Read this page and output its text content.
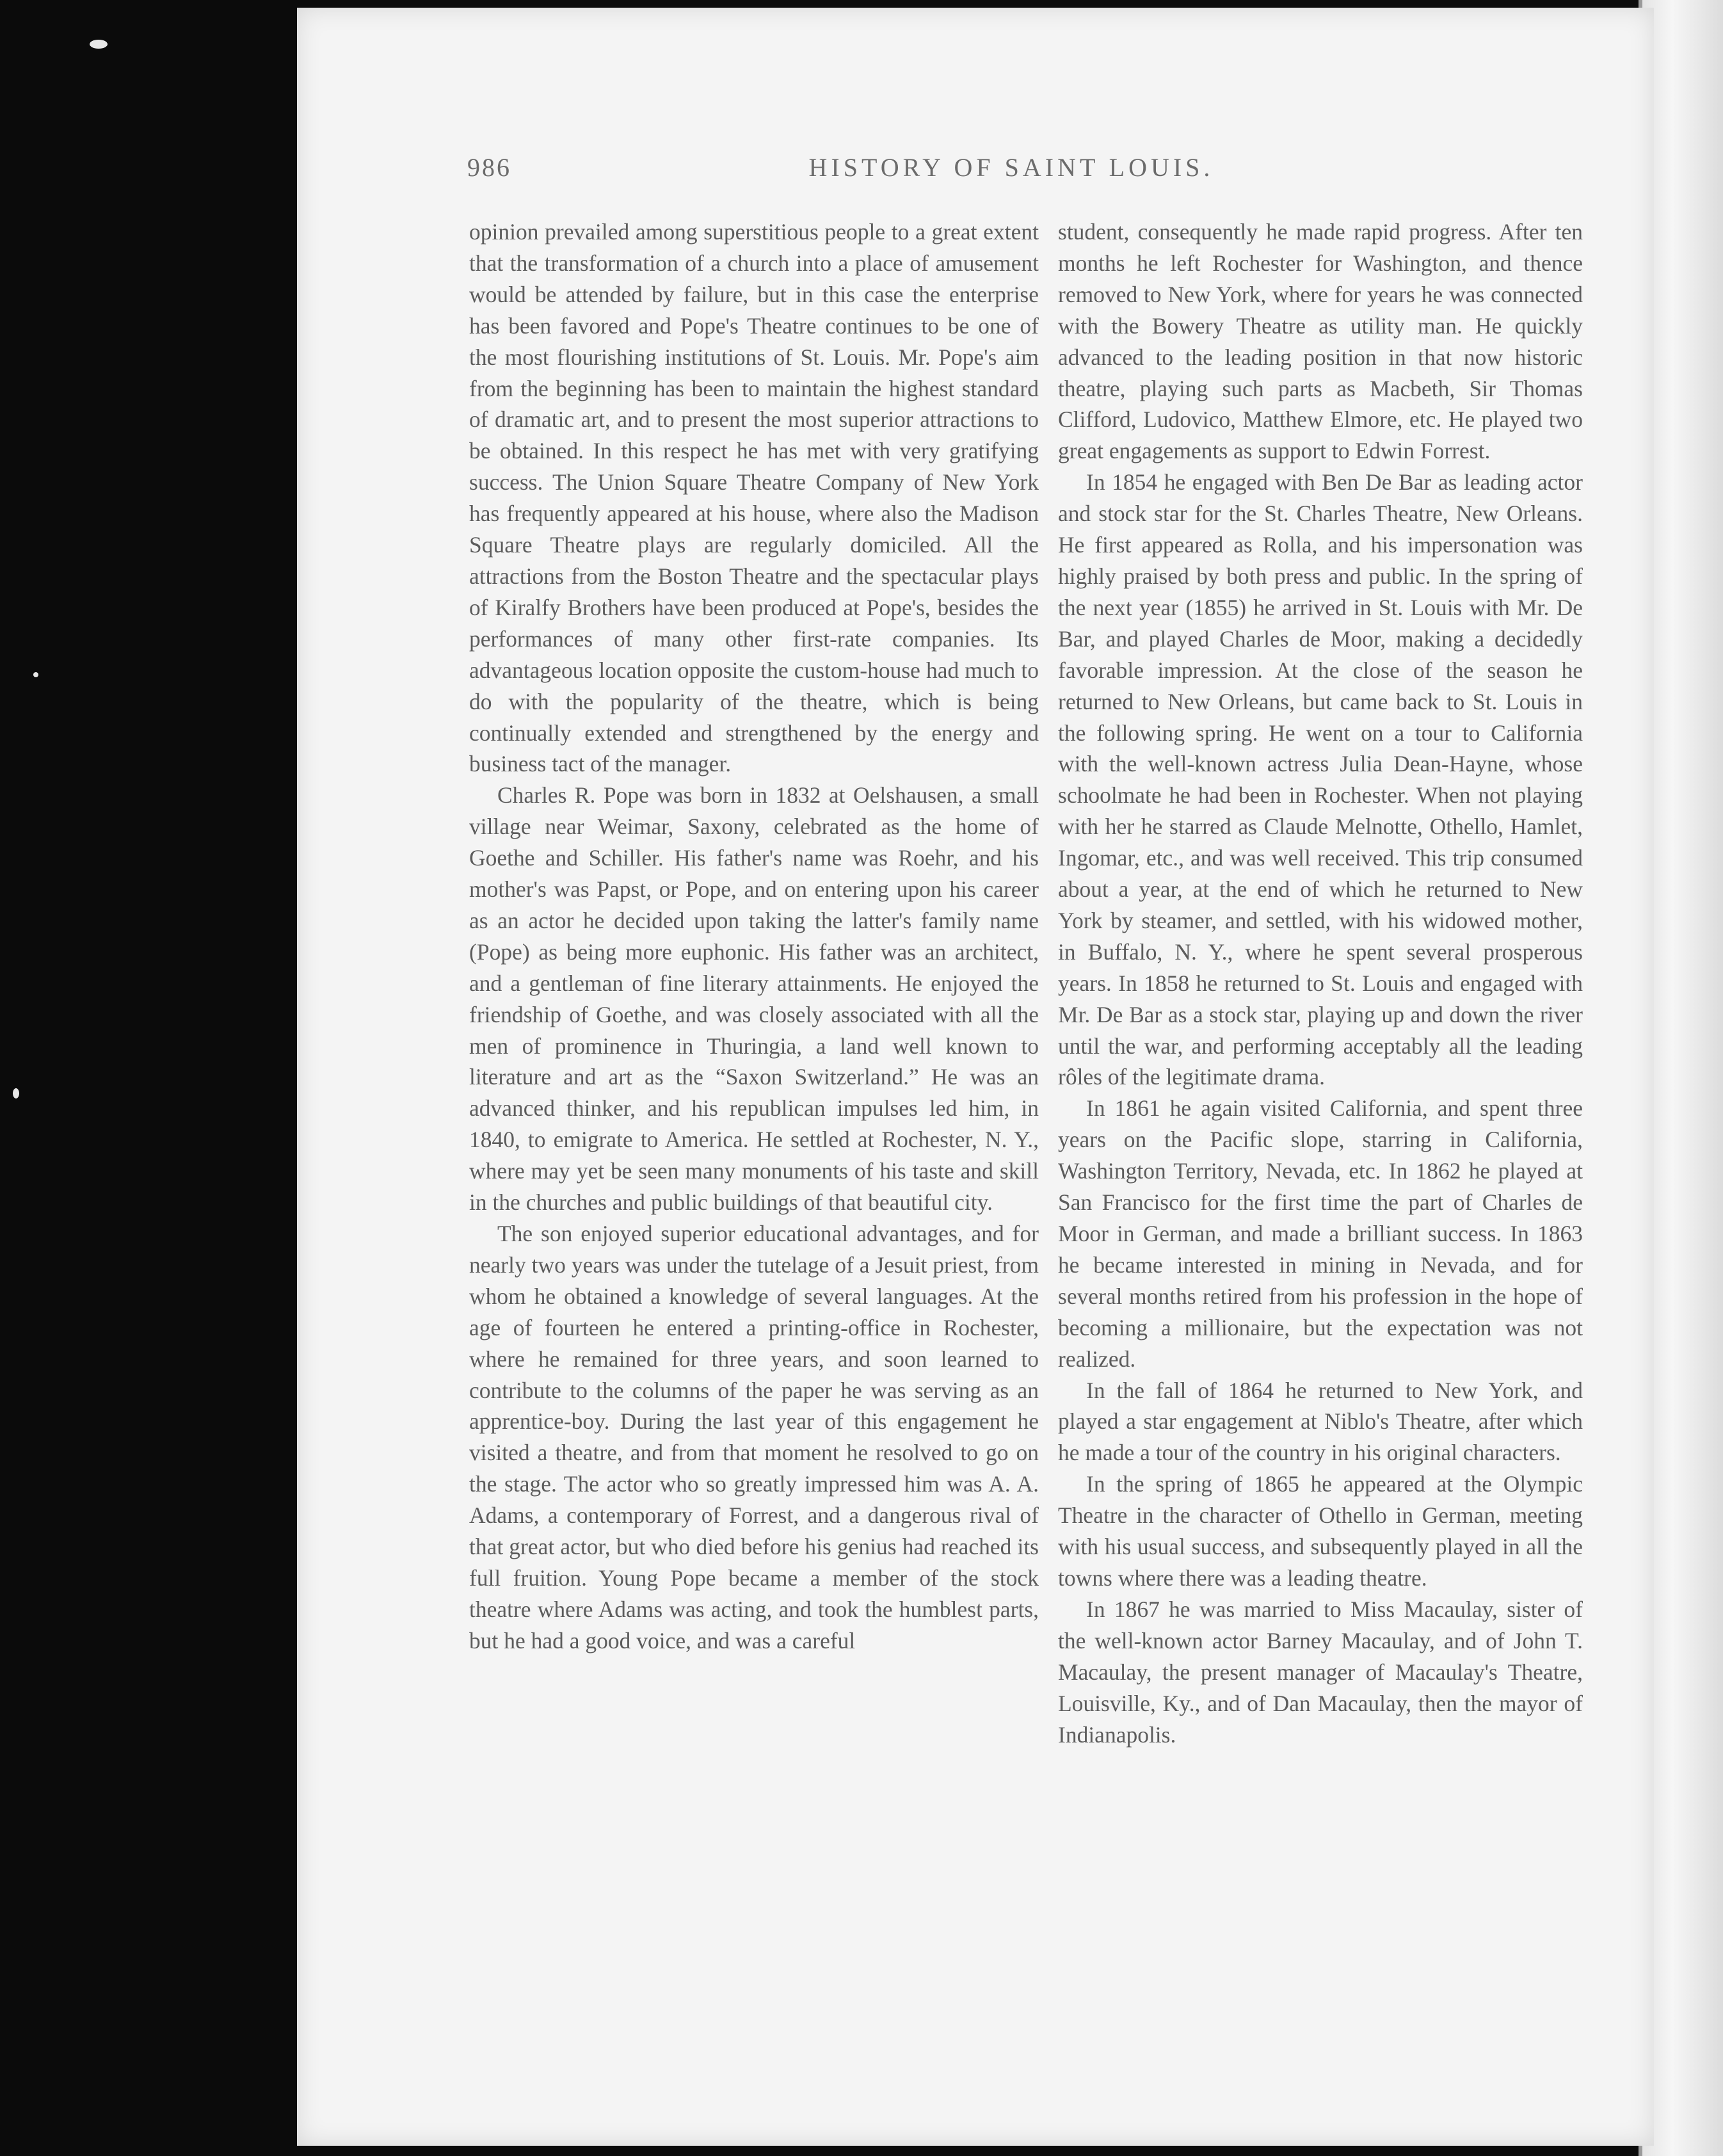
986	HISTORY OF SAINT LOUIS.

opinion prevailed among superstitious people to a great extent that the transformation of a church into a place of amusement would be attended by failure, but in this case the enterprise has been favored and Pope's Theatre continues to be one of the most flourishing institutions of St. Louis. Mr. Pope's aim from the beginning has been to maintain the highest standard of dramatic art, and to present the most superior attractions to be obtained. In this respect he has met with very gratifying success. The Union Square Theatre Company of New York has frequently appeared at his house, where also the Madison Square Theatre plays are regularly domiciled. All the attractions from the Boston Theatre and the spectacular plays of Kiralfy Brothers have been produced at Pope's, besides the performances of many other first-rate companies. Its advantageous location opposite the custom-house had much to do with the popularity of the theatre, which is being continually extended and strengthened by the energy and business tact of the manager.

Charles R. Pope was born in 1832 at Oelshausen, a small village near Weimar, Saxony, celebrated as the home of Goethe and Schiller. His father's name was Roehr, and his mother's was Papst, or Pope, and on entering upon his career as an actor he decided upon taking the latter's family name (Pope) as being more euphonic. His father was an architect, and a gentleman of fine literary attainments. He enjoyed the friendship of Goethe, and was closely associated with all the men of prominence in Thuringia, a land well known to literature and art as the “Saxon Switzerland.” He was an advanced thinker, and his republican impulses led him, in 1840, to emigrate to America. He settled at Rochester, N. Y., where may yet be seen many monuments of his taste and skill in the churches and public buildings of that beautiful city.

The son enjoyed superior educational advantages, and for nearly two years was under the tutelage of a Jesuit priest, from whom he obtained a knowledge of several languages. At the age of fourteen he entered a printing-office in Rochester, where he remained for three years, and soon learned to contribute to the columns of the paper he was serving as an apprentice-boy. During the last year of this engagement he visited a theatre, and from that moment he resolved to go on the stage. The actor who so greatly impressed him was A. A. Adams, a contemporary of Forrest, and a dangerous rival of that great actor, but who died before his genius had reached its full fruition. Young Pope became a member of the stock theatre where Adams was acting, and took the humblest parts, but he had a good voice, and was a careful

student, consequently he made rapid progress. After ten months he left Rochester for Washington, and thence removed to New York, where for years he was connected with the Bowery Theatre as utility man. He quickly advanced to the leading position in that now historic theatre, playing such parts as Macbeth, Sir Thomas Clifford, Ludovico, Matthew Elmore, etc. He played two great engagements as support to Edwin Forrest.

In 1854 he engaged with Ben De Bar as leading actor and stock star for the St. Charles Theatre, New Orleans. He first appeared as Rolla, and his impersonation was highly praised by both press and public. In the spring of the next year (1855) he arrived in St. Louis with Mr. De Bar, and played Charles de Moor, making a decidedly favorable impression. At the close of the season he returned to New Orleans, but came back to St. Louis in the following spring. He went on a tour to California with the well-known actress Julia Dean-Hayne, whose schoolmate he had been in Rochester. When not playing with her he starred as Claude Melnotte, Othello, Hamlet, Ingomar, etc., and was well received. This trip consumed about a year, at the end of which he returned to New York by steamer, and settled, with his widowed mother, in Buffalo, N. Y., where he spent several prosperous years. In 1858 he returned to St. Louis and engaged with Mr. De Bar as a stock star, playing up and down the river until the war, and performing acceptably all the leading rôles of the legitimate drama.

In 1861 he again visited California, and spent three years on the Pacific slope, starring in California, Washington Territory, Nevada, etc. In 1862 he played at San Francisco for the first time the part of Charles de Moor in German, and made a brilliant success. In 1863 he became interested in mining in Nevada, and for several months retired from his profession in the hope of becoming a millionaire, but the expectation was not realized.

In the fall of 1864 he returned to New York, and played a star engagement at Niblo's Theatre, after which he made a tour of the country in his original characters.

In the spring of 1865 he appeared at the Olympic Theatre in the character of Othello in German, meeting with his usual success, and subsequently played in all the towns where there was a leading theatre.

In 1867 he was married to Miss Macaulay, sister of the well-known actor Barney Macaulay, and of John T. Macaulay, the present manager of Macaulay's Theatre, Louisville, Ky., and of Dan Macaulay, then the mayor of Indianapolis.
